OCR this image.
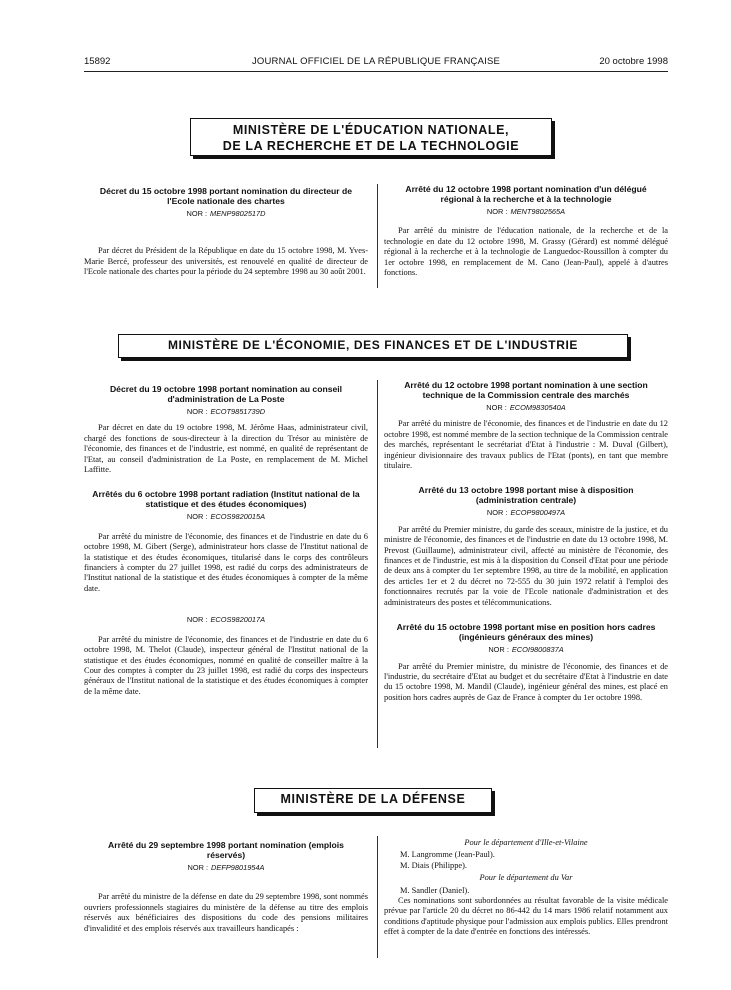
15892	JOURNAL OFFICIEL DE LA RÉPUBLIQUE FRANÇAISE	20 octobre 1998
MINISTÈRE DE L'ÉDUCATION NATIONALE,
DE LA RECHERCHE ET DE LA TECHNOLOGIE
Décret du 15 octobre 1998 portant nomination du directeur de l'Ecole nationale des chartes
NOR : MENP9802517D

Par décret du Président de la République en date du 15 octobre 1998, M. Yves-Marie Bercé, professeur des universités, est renouvelé en qualité de directeur de l'Ecole nationale des chartes pour la période du 24 septembre 1998 au 30 août 2001.

Arrêté du 12 octobre 1998 portant nomination d'un délégué régional à la recherche et à la technologie
NOR : MENT9802565A

Par arrêté du ministre de l'éducation nationale, de la recherche et de la technologie en date du 12 octobre 1998, M. Grassy (Gérard) est nommé délégué régional à la recherche et à la technologie de Languedoc-Roussillon à compter du 1er octobre 1998, en remplacement de M. Cano (Jean-Paul), appelé à d'autres fonctions.

MINISTÈRE DE L'ÉCONOMIE, DES FINANCES ET DE L'INDUSTRIE
Décret du 19 octobre 1998 portant nomination au conseil d'administration de La Poste
NOR : ECOT9851739D

Par décret en date du 19 octobre 1998, M. Jérôme Haas, administrateur civil, chargé des fonctions de sous-directeur à la direction du Trésor au ministère de l'économie, des finances et de l'industrie, est nommé, en qualité de représentant de l'Etat, au conseil d'administration de La Poste, en remplacement de M. Michel Laffitte.

Arrêtés du 6 octobre 1998 portant radiation (Institut national de la statistique et des études économiques)
NOR : ECOS9820015A

Par arrêté du ministre de l'économie, des finances et de l'industrie en date du 6 octobre 1998, M. Gibert (Serge), administrateur hors classe de l'Institut national de la statistique et des études économiques, titularisé dans le corps des contrôleurs financiers à compter du 27 juillet 1998, est radié du corps des administrateurs de l'Institut national de la statistique et des études économiques à compter de la même date.

NOR : ECOS9820017A

Par arrêté du ministre de l'économie, des finances et de l'industrie en date du 6 octobre 1998, M. Thelot (Claude), inspecteur général de l'Institut national de la statistique et des études économiques, nommé en qualité de conseiller maître à la Cour des comptes à compter du 23 juillet 1998, est radié du corps des inspecteurs généraux de l'Institut national de la statistique et des études économiques à compter de la même date.

Arrêté du 12 octobre 1998 portant nomination à une section technique de la Commission centrale des marchés
NOR : ECOM9830540A

Par arrêté du ministre de l'économie, des finances et de l'industrie en date du 12 octobre 1998, est nommé membre de la section technique de la Commission centrale des marchés, représentant le secrétariat d'Etat à l'industrie : M. Duval (Gilbert), ingénieur divisionnaire des travaux publics de l'Etat (ponts), en tant que membre titulaire.

Arrêté du 13 octobre 1998 portant mise à disposition (administration centrale)
NOR : ECOP9800497A

Par arrêté du Premier ministre, du garde des sceaux, ministre de la justice, et du ministre de l'économie, des finances et de l'industrie en date du 13 octobre 1998, M. Prevost (Guillaume), administrateur civil, affecté au ministère de l'économie, des finances et de l'industrie, est mis à la disposition du Conseil d'Etat pour une période de deux ans à compter du 1er septembre 1998, au titre de la mobilité, en application des articles 1er et 2 du décret no 72-555 du 30 juin 1972 relatif à l'emploi des fonctionnaires recrutés par la voie de l'Ecole nationale d'administration et des administrateurs des postes et télécommunications.

Arrêté du 15 octobre 1998 portant mise en position hors cadres (ingénieurs généraux des mines)
NOR : ECOI9800837A

Par arrêté du Premier ministre, du ministre de l'économie, des finances et de l'industrie, du secrétaire d'Etat au budget et du secrétaire d'Etat à l'industrie en date du 15 octobre 1998, M. Mandil (Claude), ingénieur général des mines, est placé en position hors cadres auprès de Gaz de France à compter du 1er octobre 1998.

MINISTÈRE DE LA DÉFENSE
Arrêté du 29 septembre 1998 portant nomination (emplois réservés)
NOR : DEFP9801954A

Par arrêté du ministre de la défense en date du 29 septembre 1998, sont nommés ouvriers professionnels stagiaires du ministère de la défense au titre des emplois réservés aux bénéficiaires des dispositions du code des pensions militaires d'invalidité et des emplois réservés aux travailleurs handicapés :

Pour le département d'Ille-et-Vilaine
M. Langromme (Jean-Paul).
M. Diais (Philippe).
Pour le département du Var
M. Sandler (Daniel).

Ces nominations sont subordonnées au résultat favorable de la visite médicale prévue par l'article 20 du décret no 86-442 du 14 mars 1986 relatif notamment aux conditions d'aptitude physique pour l'admission aux emplois publics. Elles prendront effet à compter de la date d'entrée en fonctions des intéressés.
